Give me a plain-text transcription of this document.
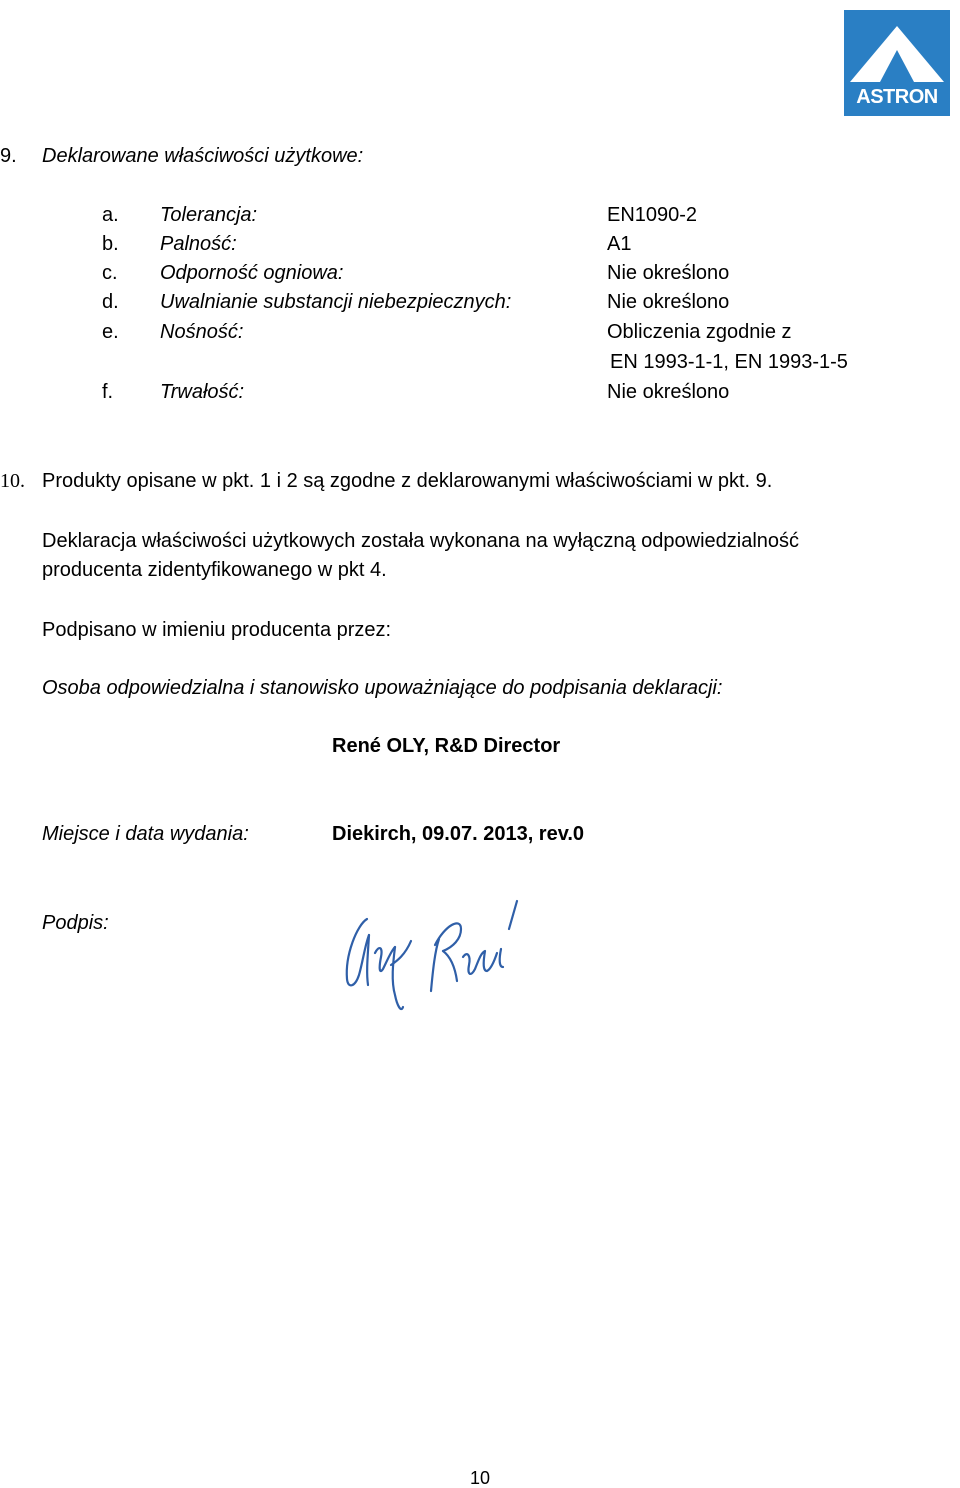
ASTRON
9. Deklarowane właściwości użytkowe:
a. Tolerancja:	EN1090-2
b. Palność:	A1
c. Odporność ogniowa:	Nie określono
d. Uwalnianie substancji niebezpiecznych:	Nie określono
e. Nośność:	Obliczenia zgodnie z
EN 1993-1-1, EN 1993-1-5
f. Trwałość:	Nie określono
10. Produkty opisane w pkt. 1 i 2 są zgodne z deklarowanymi właściwościami w pkt. 9.
Deklaracja właściwości użytkowych została wykonana na wyłączną odpowiedzialność
producenta zidentyfikowanego w pkt 4.
Podpisano w imieniu producenta przez:
Osoba odpowiedzialna i stanowisko upoważniające do podpisania deklaracji:
René OLY, R&D Director
Miejsce i data wydania:	Diekirch, 09.07. 2013, rev.0
Podpis:
10
